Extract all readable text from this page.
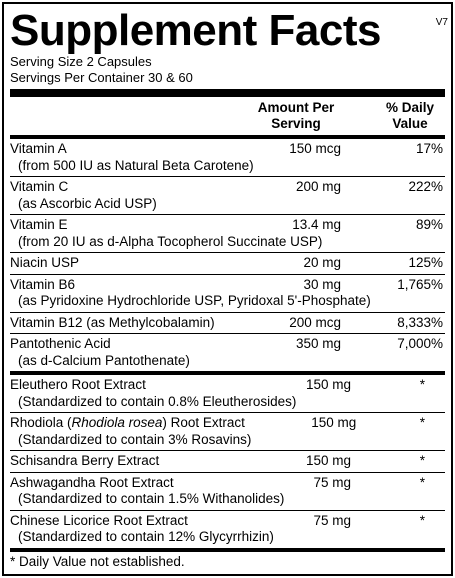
V7
Supplement Facts
Serving Size 2 Capsules
Servings Per Container 30 & 60
Amount Per
Serving
% Daily
Value
Vitamin A	150 mcg	17%
(from 500 IU as Natural Beta Carotene)
Vitamin C	200 mg	222%
(as Ascorbic Acid USP)
Vitamin E	13.4 mg	89%
(from 20 IU as d-Alpha Tocopherol Succinate USP)
Niacin USP	20 mg	125%
Vitamin B6	30 mg	1,765%
(as Pyridoxine Hydrochloride USP, Pyridoxal 5'-Phosphate)
Vitamin B12 (as Methylcobalamin)	200 mcg	8,333%
Pantothenic Acid	350 mg	7,000%
(as d-Calcium Pantothenate)
Eleuthero Root Extract	150 mg	*
(Standardized to contain 0.8% Eleutherosides)
Rhodiola (Rhodiola rosea) Root Extract	150 mg	*
(Standardized to contain 3% Rosavins)
Schisandra Berry Extract	150 mg	*
Ashwagandha Root Extract	75 mg	*
(Standardized to contain 1.5% Withanolides)
Chinese Licorice Root Extract	75 mg	*
(Standardized to contain 12% Glycyrrhizin)
* Daily Value not established.
